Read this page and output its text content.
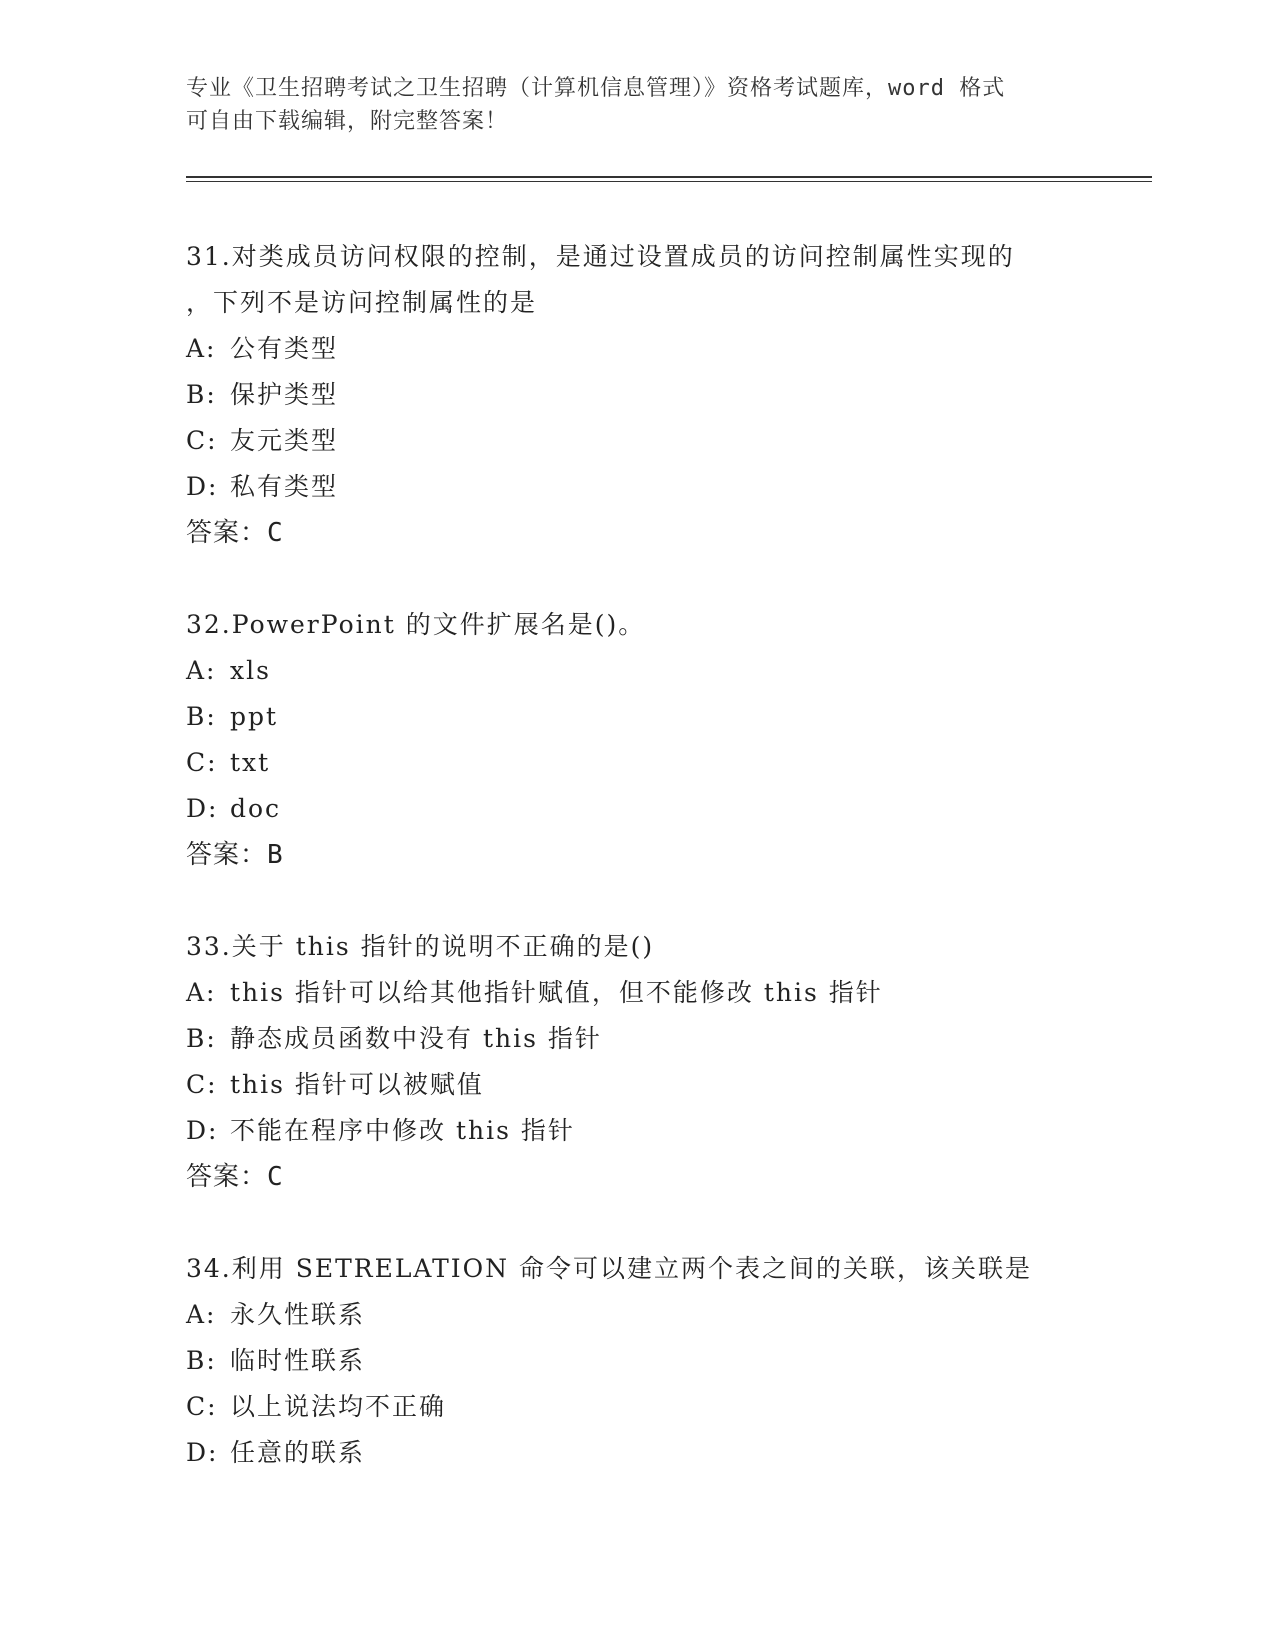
专业《卫生招聘考试之卫生招聘（计算机信息管理）》资格考试题库，word 格式
可自由下载编辑，附完整答案！
31.对类成员访问权限的控制，是通过设置成员的访问控制属性实现的
，下列不是访问控制属性的是
A: 公有类型
B: 保护类型
C: 友元类型
D: 私有类型
答案：C
32.PowerPoint 的文件扩展名是()。
A: xls
B: ppt
C: txt
D: doc
答案：B
33.关于 this 指针的说明不正确的是()
A: this 指针可以给其他指针赋值，但不能修改 this 指针
B: 静态成员函数中没有 this 指针
C: this 指针可以被赋值
D: 不能在程序中修改 this 指针
答案：C
34.利用 SETRELATION 命令可以建立两个表之间的关联，该关联是
A: 永久性联系
B: 临时性联系
C: 以上说法均不正确
D: 任意的联系
